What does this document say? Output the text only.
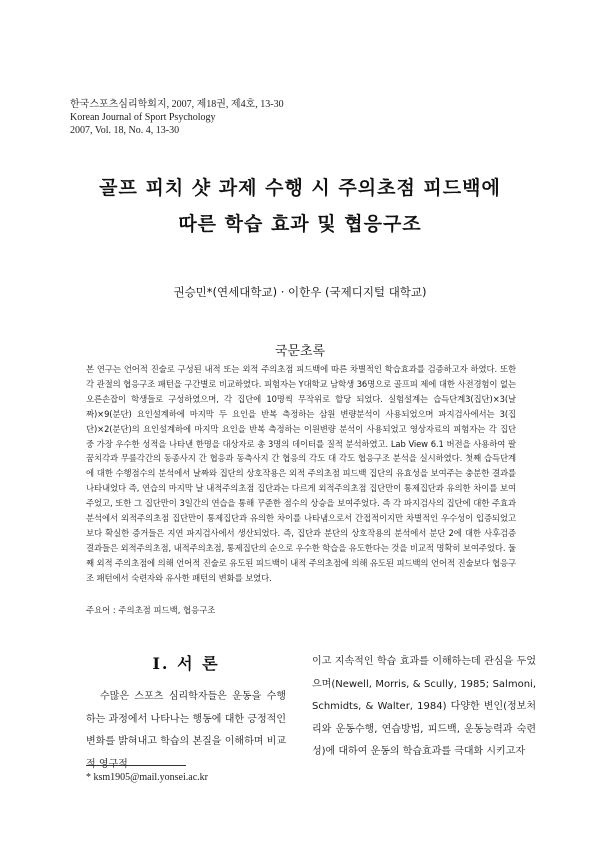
한국스포츠심리학회지, 2007, 제18권, 제4호, 13-30
Korean Journal of Sport Psychology
2007, Vol. 18, No. 4, 13-30
골프 피치 샷 과제 수행 시 주의초점 피드백에
따른 학습 효과 및 협응구조
권승민*(연세대학교) · 이한우 (국제디지털 대학교)
국문초록

본 연구는 언어적 진술로 구성된 내적 또는 외적 주의초점 피드백에 따른 차별적인 학습효과를 검증하고자 하였다. 또한 각 관절의 협응구조 패턴을 구간별로 비교하였다. 피험자는 Y대학교 남학생 36명으로 골프피 제에 대한 사전경험이 없는 오른손잡이 학생들로 구성하였으며, 각 집단에 10명씩 무작위로 할당 되었다. 실험설계는 습득단계3(집단)×3(날짜)×9(분단) 요인설계하에 마지막 두 요인을 반복 측정하는 삼원 변량분석이 사용되었으며 파지검사에서는 3(집단)×2(분단)의 요인설계하에 마지막 요인을 반복 측정하는 이원변량 분석이 사용되었고 영상자료의 피험자는 각 집단 중 가장 우수한 성적을 나타낸 한명을 대상자로 총 3명의 데이터를 질적 분석하였고. Lab View 6.1 버전을 사용하여 팔꿈치각과 무릎각간의 동종사지 간 협응과 동측사지 간 협응의 각도 대 각도 협응구조 분석을 실시하였다. 첫째 습득단계에 대한 수행점수의 분석에서 날짜와 집단의 상호작용은 외적 주의초점 피드백 집단의 유효성을 보여주는 충분한 결과를 나타내었다 즉, 연습의 마지막 날 내적주의초점 집단과는 다르게 외적주의초점 집단만이 통제집단과 유의한 차이를 보여주었고, 또한 그 집단만이 3일간의 연습을 통해 꾸준한 점수의 상승을 보여주었다. 즉 각 파지검사의 집단에 대한 주효과 분석에서 외적주의초점 집단만이 통제집단과 유의한 차이를 나타냄으로서 간접적이지만 차별적인 우수성이 입증되었고 보다 확실한 증거들은 지연 파지검사에서 생산되었다. 즉, 집단과 분단의 상호작용의 분석에서 분단 2에 대한 사후검증 결과들은 외적주의초점, 내적주의초점, 통제집단의 순으로 우수한 학습을 유도한다는 것을 비교적 명확히 보여주었다. 둘째 외적 주의초점에 의해 언어적 진술로 유도된 피드백이 내적 주의초점에 의해 유도된 피드백의 언어적 진술보다 협응구조 패턴에서 숙련자와 유사한 패턴의 변화를 보였다.

주요어 : 주의초점 피드백, 협응구조
I. 서 론

수많은 스포츠 심리학자들은 운동을 수행하는 과정에서 나타나는 행동에 대한 긍정적인 변화를 밝혀내고 학습의 본질을 이해하며 비교적 영구적

이고 지속적인 학습 효과를 이해하는데 관심을 두었으며(Newell, Morris, & Scully, 1985; Salmoni, Schmidts, & Walter, 1984) 다양한 변인(정보처리와 운동수행, 연습방법, 피드백, 운동능력과 숙련성)에 대하여 운동의 학습효과를 극대화 시키고자

* ksm1905@mail.yonsei.ac.kr
